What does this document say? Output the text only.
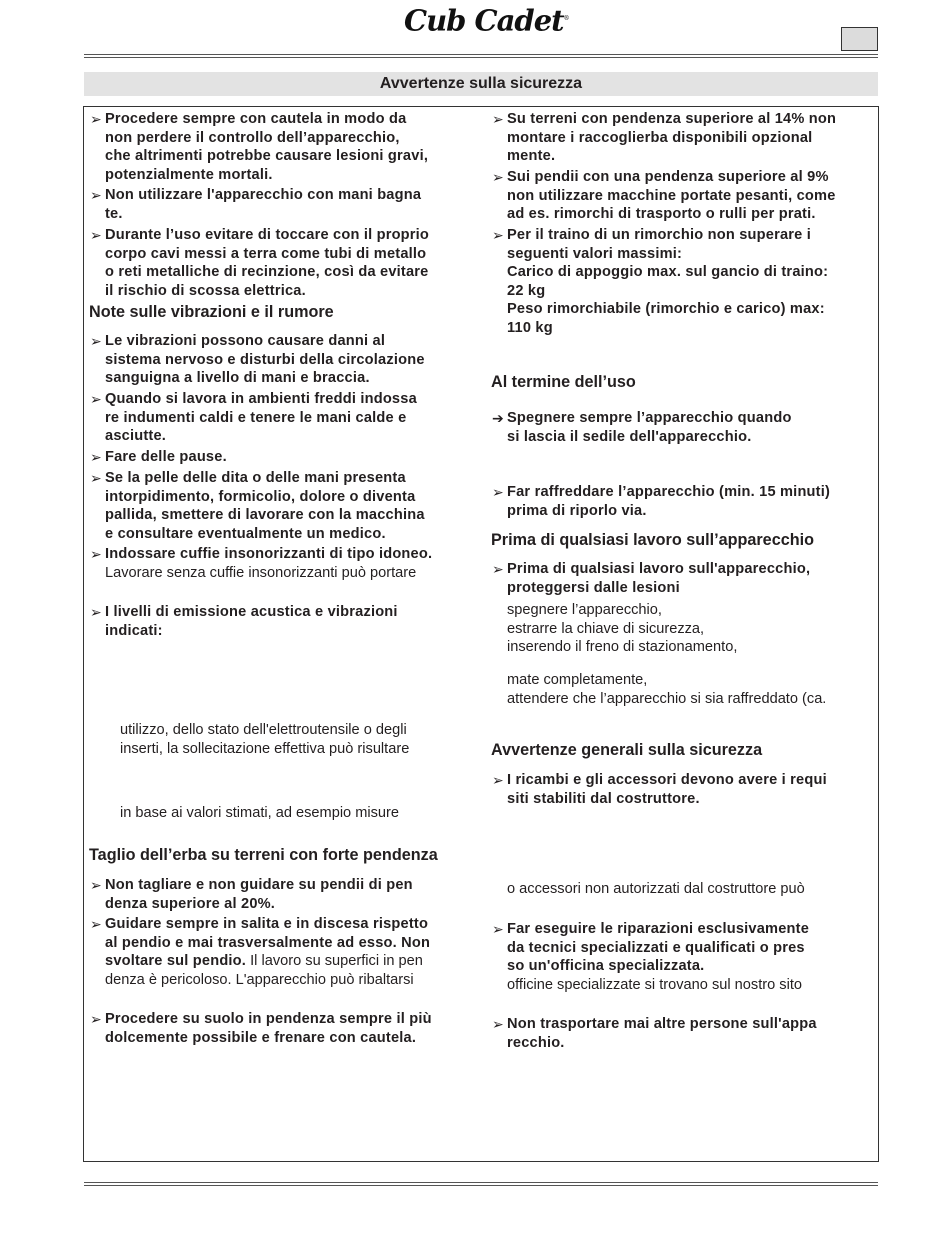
Cub Cadet®
Avvertenze sulla sicurezza
➢ Procedere sempre con cautela in modo da
non perdere il controllo dell’apparecchio,
che altrimenti potrebbe causare lesioni gravi,
potenzialmente mortali.
➢ Non utilizzare l'apparecchio con mani bagna
te.
➢ Durante l’uso evitare di toccare con il proprio
corpo cavi messi a terra come tubi di metallo
o reti metalliche di recinzione, così da evitare
il rischio di scossa elettrica.
Note sulle vibrazioni e il rumore
➢ Le vibrazioni possono causare danni al
sistema nervoso e disturbi della circolazione
sanguigna a livello di mani e braccia.
➢ Quando si lavora in ambienti freddi indossa
re indumenti caldi e tenere le mani calde e
asciutte.
➢ Fare delle pause.
➢ Se la pelle delle dita o delle mani presenta
intorpidimento, formicolio, dolore o diventa
pallida, smettere di lavorare con la macchina
e consultare eventualmente un medico.
➢ Indossare cuffie insonorizzanti di tipo idoneo.
Lavorare senza cuffie insonorizzanti può portare
➢ I livelli di emissione acustica e vibrazioni
indicati:
utilizzo, dello stato dell'elettroutensile o degli
inserti, la sollecitazione effettiva può risultare
in base ai valori stimati, ad esempio misure
Taglio dell’erba su terreni con forte pendenza
➢ Non tagliare e non guidare su pendii di pen
denza superiore al 20%.
➢ Guidare sempre in salita e in discesa rispetto
al pendio e mai trasversalmente ad esso. Non
svoltare sul pendio. Il lavoro su superfici in pen
denza è pericoloso. L'apparecchio può ribaltarsi
➢ Procedere su suolo in pendenza sempre il più
dolcemente possibile e frenare con cautela.
➢ Su terreni con pendenza superiore al 14% non
montare i raccoglierba disponibili opzional
mente.
➢ Sui pendii con una pendenza superiore al 9%
non utilizzare macchine portate pesanti, come
ad es. rimorchi di trasporto o rulli per prati.
➢ Per il traino di un rimorchio non superare i
seguenti valori massimi:
Carico di appoggio max. sul gancio di traino:
22 kg
Peso rimorchiabile (rimorchio e carico) max:
110 kg
Al termine dell’uso
➔ Spegnere sempre l’apparecchio quando
si lascia il sedile dell'apparecchio.
➢ Far raffreddare l’apparecchio (min. 15 minuti)
prima di riporlo via.
Prima di qualsiasi lavoro sull’apparecchio
➢ Prima di qualsiasi lavoro sull'apparecchio,
proteggersi dalle lesioni
spegnere l’apparecchio,
estrarre la chiave di sicurezza,
inserendo il freno di stazionamento,
mate completamente,
attendere che l’apparecchio si sia raffreddato (ca.
Avvertenze generali sulla sicurezza
➢ I ricambi e gli accessori devono avere i requi
siti stabiliti dal costruttore.
o accessori non autorizzati dal costruttore può
➢ Far eseguire le riparazioni esclusivamente
da tecnici specializzati e qualificati o pres
so un'officina specializzata.
officine specializzate si trovano sul nostro sito
➢ Non trasportare mai altre persone sull'appa
recchio.
